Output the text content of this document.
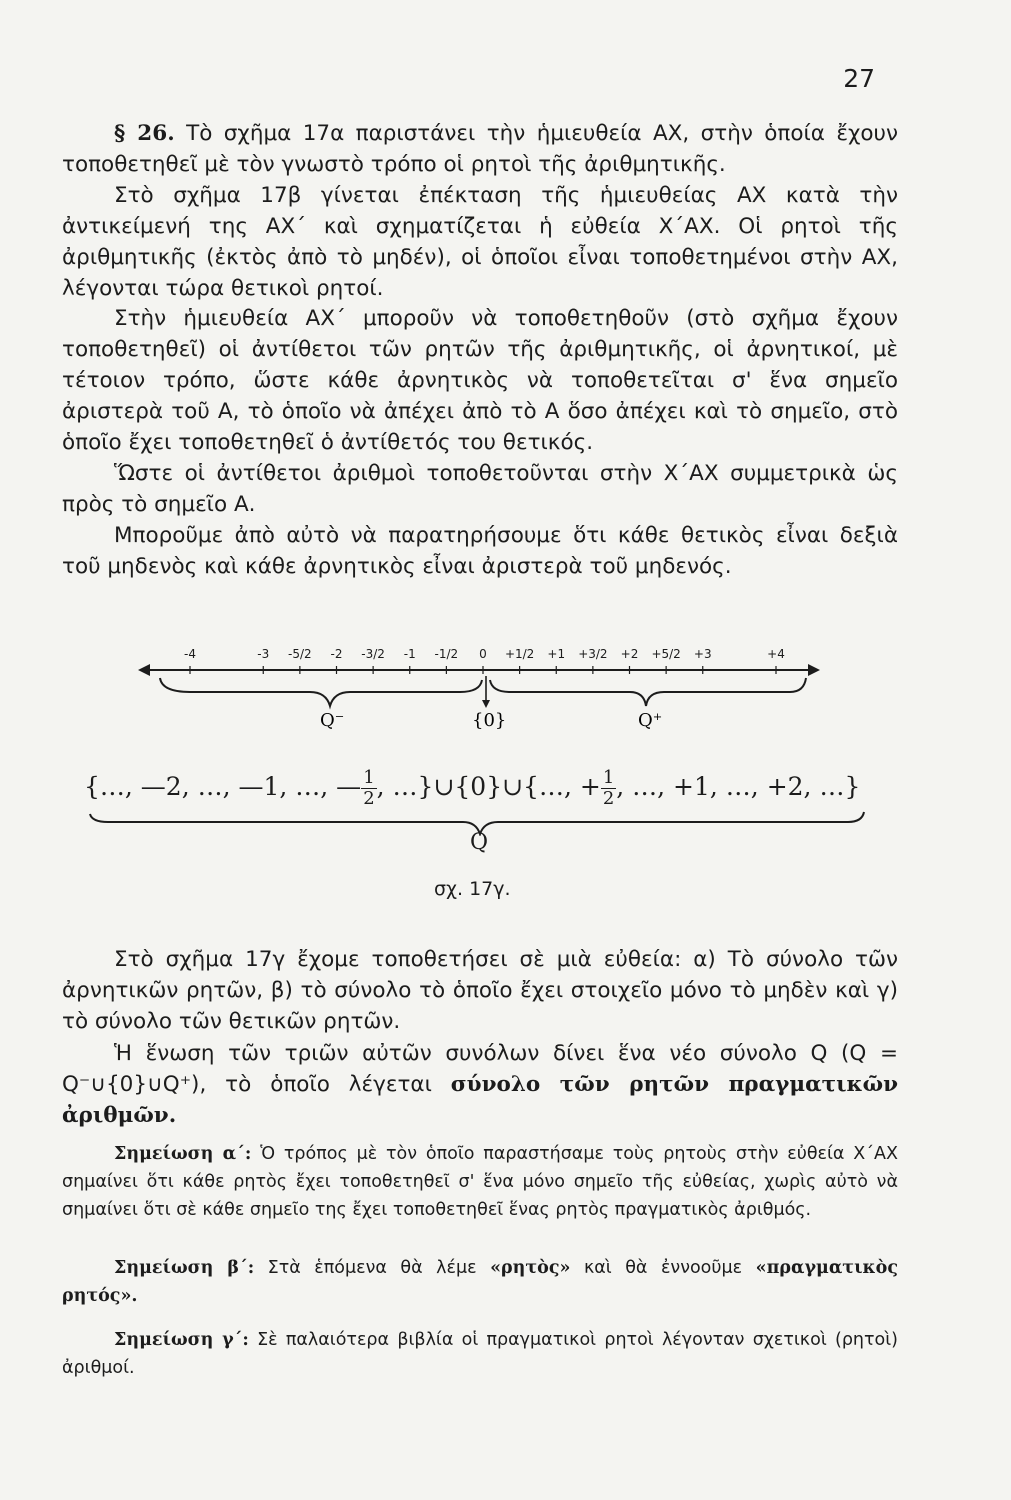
27

§ 26. Τὸ σχῆμα 17α παριστάνει τὴν ἡμιευθεία ΑΧ, στὴν ὁποία ἔχουν τοποθετηθεῖ μὲ τὸν γνωστὸ τρόπο οἱ ρητοὶ τῆς ἀριθμητικῆς.

Στὸ σχῆμα 17β γίνεται ἐπέκταση τῆς ἡμιευθείας ΑΧ κατὰ τὴν ἀντικείμενή της ΑΧ΄ καὶ σχηματίζεται ἡ εὐθεία Χ΄ΑΧ. Οἱ ρητοὶ τῆς ἀριθμητικῆς (ἐκτὸς ἀπὸ τὸ μηδέν), οἱ ὁποῖοι εἶναι τοποθετημένοι στὴν ΑΧ, λέγονται τώρα θετικοὶ ρητοί.

Στὴν ἡμιευθεία ΑΧ΄ μποροῦν νὰ τοποθετηθοῦν (στὸ σχῆμα ἔχουν τοποθετηθεῖ) οἱ ἀντίθετοι τῶν ρητῶν τῆς ἀριθμητικῆς, οἱ ἀρνητικοί, μὲ τέτοιον τρόπο, ὥστε κάθε ἀρνητικὸς νὰ τοποθετεῖται σ' ἕνα σημεῖο ἀριστερὰ τοῦ Α, τὸ ὁποῖο νὰ ἀπέχει ἀπὸ τὸ Α ὅσο ἀπέχει καὶ τὸ σημεῖο, στὸ ὁποῖο ἔχει τοποθετηθεῖ ὁ ἀντίθετός του θετικός.

Ὥστε οἱ ἀντίθετοι ἀριθμοὶ τοποθετοῦνται στὴν Χ΄ΑΧ συμμετρικὰ ὡς πρὸς τὸ σημεῖο Α.

Μποροῦμε ἀπὸ αὐτὸ νὰ παρατηρήσουμε ὅτι κάθε θετικὸς εἶναι δεξιὰ τοῦ μηδενὸς καὶ κάθε ἀρνητικὸς εἶναι ἀριστερὰ τοῦ μηδενός.

-4	-3 -5/2 -2 -3/2 -1 -1/2 0 +1/2 +1 +3/2 +2 +5/2 +3	+4
Q⁻	{0}	Q⁺
{…, —2, …, —1, …, — $\frac{1}{2}$ , …}∪{0}∪{…, + $\frac{1}{2}$ , …, +1, …, +2, …}
Q
σχ. 17γ.

Στὸ σχῆμα 17γ ἔχομε τοποθετήσει σὲ μιὰ εὐθεία: α) Τὸ σύνολο τῶν ἀρνητικῶν ρητῶν, β) τὸ σύνολο τὸ ὁποῖο ἔχει στοιχεῖο μόνο τὸ μηδὲν καὶ γ) τὸ σύνολο τῶν θετικῶν ρητῶν.

Ἡ ἕνωση τῶν τριῶν αὐτῶν συνόλων δίνει ἕνα νέο σύνολο Q (Q = Q⁻∪{0}∪Q⁺), τὸ ὁποῖο λέγεται σύνολο τῶν ρητῶν πραγματικῶν ἀριθμῶν.

Σημείωση α΄: Ὁ τρόπος μὲ τὸν ὁποῖο παραστήσαμε τοὺς ρητοὺς στὴν εὐθεία Χ΄ΑΧ σημαίνει ὅτι κάθε ρητὸς ἔχει τοποθετηθεῖ σ' ἕνα μόνο σημεῖο τῆς εὐθείας, χωρὶς αὐτὸ νὰ σημαίνει ὅτι σὲ κάθε σημεῖο της ἔχει τοποθετηθεῖ ἕνας ρητὸς πραγματικὸς ἀριθμός.

Σημείωση β΄: Στὰ ἑπόμενα θὰ λέμε «ρητὸς» καὶ θὰ ἐννοοῦμε «πραγματικὸς ρητός».

Σημείωση γ΄: Σὲ παλαιότερα βιβλία οἱ πραγματικοὶ ρητοὶ λέγονταν σχετικοὶ (ρητοὶ) ἀριθμοί.
